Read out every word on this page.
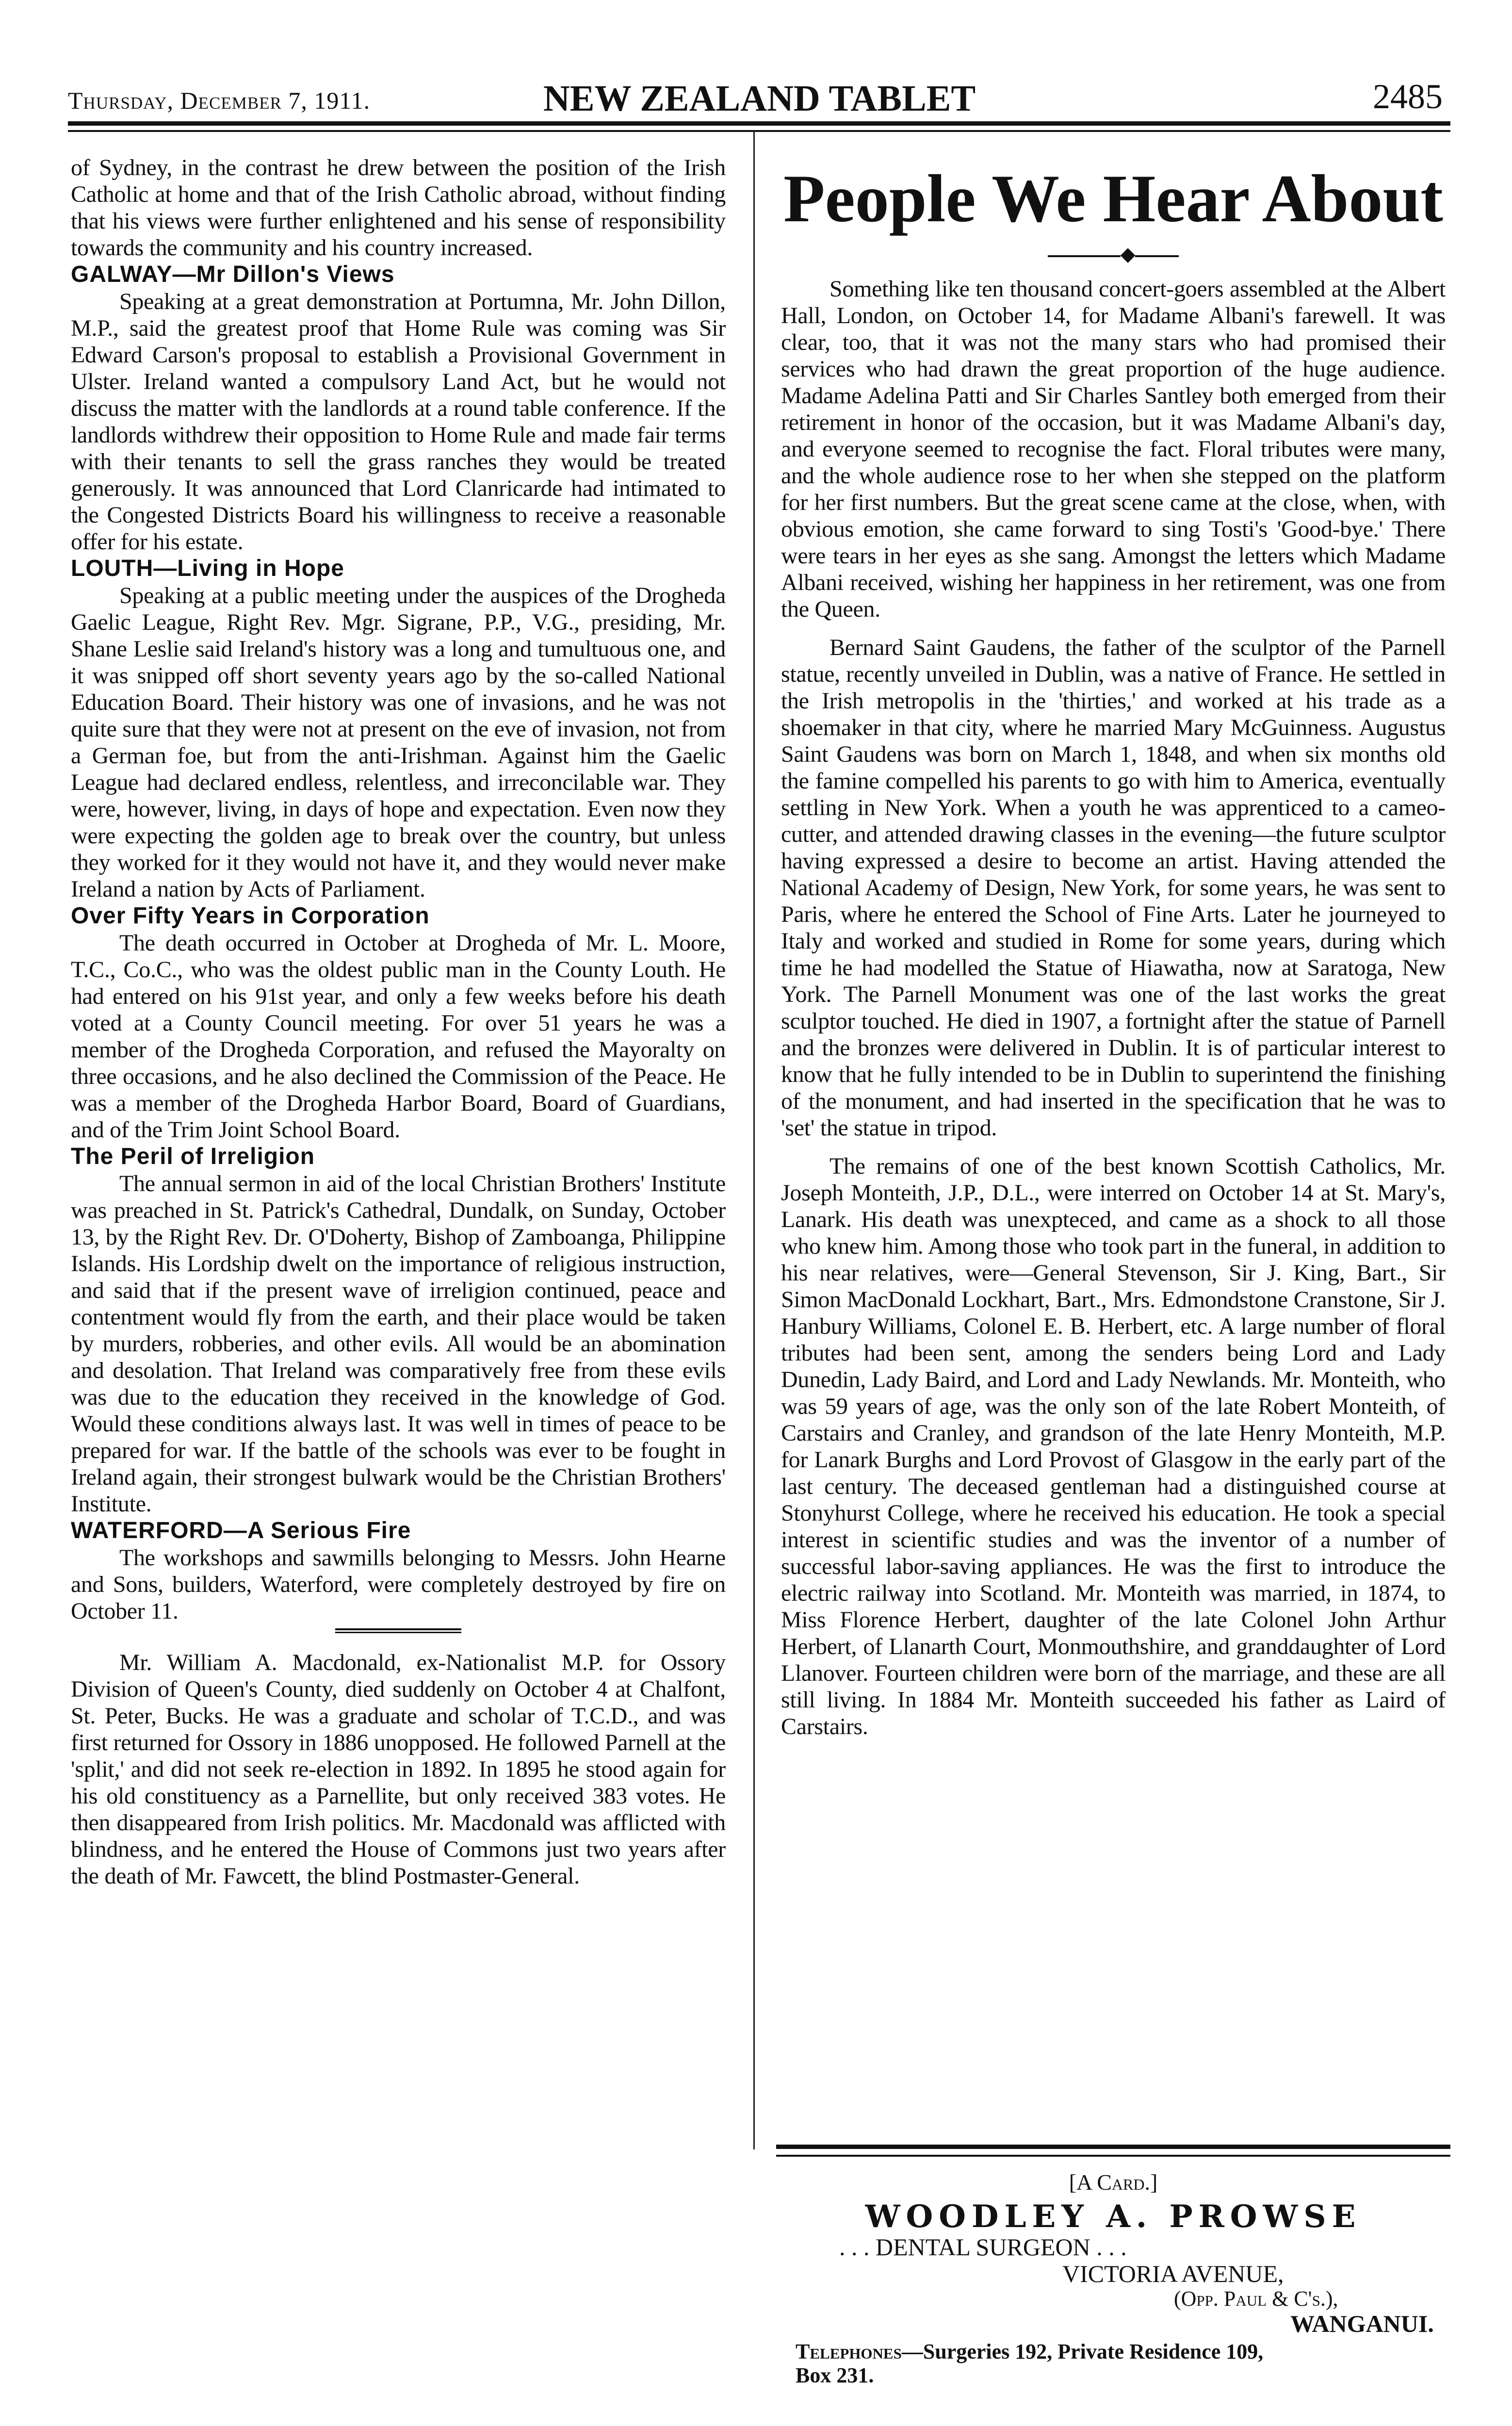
Thursday, December 7, 1911.	NEW ZEALAND TABLET	2485

of Sydney, in the contrast he drew between the position of the Irish Catholic at home and that of the Irish Catholic abroad, without finding that his views were further enlightened and his sense of responsibility towards the community and his country increased.

GALWAY—Mr Dillon's Views

Speaking at a great demonstration at Portumna, Mr. John Dillon, M.P., said the greatest proof that Home Rule was coming was Sir Edward Carson's proposal to establish a Provisional Government in Ulster. Ireland wanted a compulsory Land Act, but he would not discuss the matter with the landlords at a round table conference. If the landlords withdrew their opposition to Home Rule and made fair terms with their tenants to sell the grass ranches they would be treated generously. It was announced that Lord Clanricarde had intimated to the Congested Districts Board his willingness to receive a reasonable offer for his estate.

LOUTH—Living in Hope

Speaking at a public meeting under the auspices of the Drogheda Gaelic League, Right Rev. Mgr. Sigrane, P.P., V.G., presiding, Mr. Shane Leslie said Ireland's history was a long and tumultuous one, and it was snipped off short seventy years ago by the so-called National Education Board. Their history was one of invasions, and he was not quite sure that they were not at present on the eve of invasion, not from a German foe, but from the anti-Irishman. Against him the Gaelic League had declared endless, relentless, and irreconcilable war. They were, however, living, in days of hope and expectation. Even now they were expecting the golden age to break over the country, but unless they worked for it they would not have it, and they would never make Ireland a nation by Acts of Parliament.

Over Fifty Years in Corporation

The death occurred in October at Drogheda of Mr. L. Moore, T.C., Co.C., who was the oldest public man in the County Louth. He had entered on his 91st year, and only a few weeks before his death voted at a County Council meeting. For over 51 years he was a member of the Drogheda Corporation, and refused the Mayoralty on three occasions, and he also declined the Commission of the Peace. He was a member of the Drogheda Harbor Board, Board of Guardians, and of the Trim Joint School Board.

The Peril of Irreligion

The annual sermon in aid of the local Christian Brothers' Institute was preached in St. Patrick's Cathedral, Dundalk, on Sunday, October 13, by the Right Rev. Dr. O'Doherty, Bishop of Zamboanga, Philippine Islands. His Lordship dwelt on the importance of religious instruction, and said that if the present wave of irreligion continued, peace and contentment would fly from the earth, and their place would be taken by murders, robberies, and other evils. All would be an abomination and desolation. That Ireland was comparatively free from these evils was due to the education they received in the knowledge of God. Would these conditions always last. It was well in times of peace to be prepared for war. If the battle of the schools was ever to be fought in Ireland again, their strongest bulwark would be the Christian Brothers' Institute.

WATERFORD—A Serious Fire

The workshops and sawmills belonging to Messrs. John Hearne and Sons, builders, Waterford, were completely destroyed by fire on October 11.

Mr. William A. Macdonald, ex-Nationalist M.P. for Ossory Division of Queen's County, died suddenly on October 4 at Chalfont, St. Peter, Bucks. He was a graduate and scholar of T.C.D., and was first returned for Ossory in 1886 unopposed. He followed Parnell at the 'split,' and did not seek re-election in 1892. In 1895 he stood again for his old constituency as a Parnellite, but only received 383 votes. He then disappeared from Irish politics. Mr. Macdonald was afflicted with blindness, and he entered the House of Commons just two years after the death of Mr. Fawcett, the blind Postmaster-General.

People We Hear About
◆

Something like ten thousand concert-goers assembled at the Albert Hall, London, on October 14, for Madame Albani's farewell. It was clear, too, that it was not the many stars who had promised their services who had drawn the great proportion of the huge audience. Madame Adelina Patti and Sir Charles Santley both emerged from their retirement in honor of the occasion, but it was Madame Albani's day, and everyone seemed to recognise the fact. Floral tributes were many, and the whole audience rose to her when she stepped on the platform for her first numbers. But the great scene came at the close, when, with obvious emotion, she came forward to sing Tosti's 'Good-bye.' There were tears in her eyes as she sang. Amongst the letters which Madame Albani received, wishing her happiness in her retirement, was one from the Queen.

Bernard Saint Gaudens, the father of the sculptor of the Parnell statue, recently unveiled in Dublin, was a native of France. He settled in the Irish metropolis in the 'thirties,' and worked at his trade as a shoemaker in that city, where he married Mary McGuinness. Augustus Saint Gaudens was born on March 1, 1848, and when six months old the famine compelled his parents to go with him to America, eventually settling in New York. When a youth he was apprenticed to a cameo-cutter, and attended drawing classes in the evening—the future sculptor having expressed a desire to become an artist. Having attended the National Academy of Design, New York, for some years, he was sent to Paris, where he entered the School of Fine Arts. Later he journeyed to Italy and worked and studied in Rome for some years, during which time he had modelled the Statue of Hiawatha, now at Saratoga, New York. The Parnell Monument was one of the last works the great sculptor touched. He died in 1907, a fortnight after the statue of Parnell and the bronzes were delivered in Dublin. It is of particular interest to know that he fully intended to be in Dublin to superintend the finishing of the monument, and had inserted in the specification that he was to 'set' the statue in tripod.

The remains of one of the best known Scottish Catholics, Mr. Joseph Monteith, J.P., D.L., were interred on October 14 at St. Mary's, Lanark. His death was unexpteced, and came as a shock to all those who knew him. Among those who took part in the funeral, in addition to his near relatives, were—General Stevenson, Sir J. King, Bart., Sir Simon MacDonald Lockhart, Bart., Mrs. Edmondstone Cranstone, Sir J. Hanbury Williams, Colonel E. B. Herbert, etc. A large number of floral tributes had been sent, among the senders being Lord and Lady Dunedin, Lady Baird, and Lord and Lady Newlands. Mr. Monteith, who was 59 years of age, was the only son of the late Robert Monteith, of Carstairs and Cranley, and grandson of the late Henry Monteith, M.P. for Lanark Burghs and Lord Provost of Glasgow in the early part of the last century. The deceased gentleman had a distinguished course at Stonyhurst College, where he received his education. He took a special interest in scientific studies and was the inventor of a number of successful labor-saving appliances. He was the first to introduce the electric railway into Scotland. Mr. Monteith was married, in 1874, to Miss Florence Herbert, daughter of the late Colonel John Arthur Herbert, of Llanarth Court, Monmouthshire, and granddaughter of Lord Llanover. Fourteen children were born of the marriage, and these are all still living. In 1884 Mr. Monteith succeeded his father as Laird of Carstairs.

[A Card.]
WOODLEY A. PROWSE
. . . DENTAL SURGEON . . .
VICTORIA AVENUE,
(Opp. Paul & C's.),
WANGANUI.
Telephones—Surgeries 192, Private Residence 109,
Box 231.
